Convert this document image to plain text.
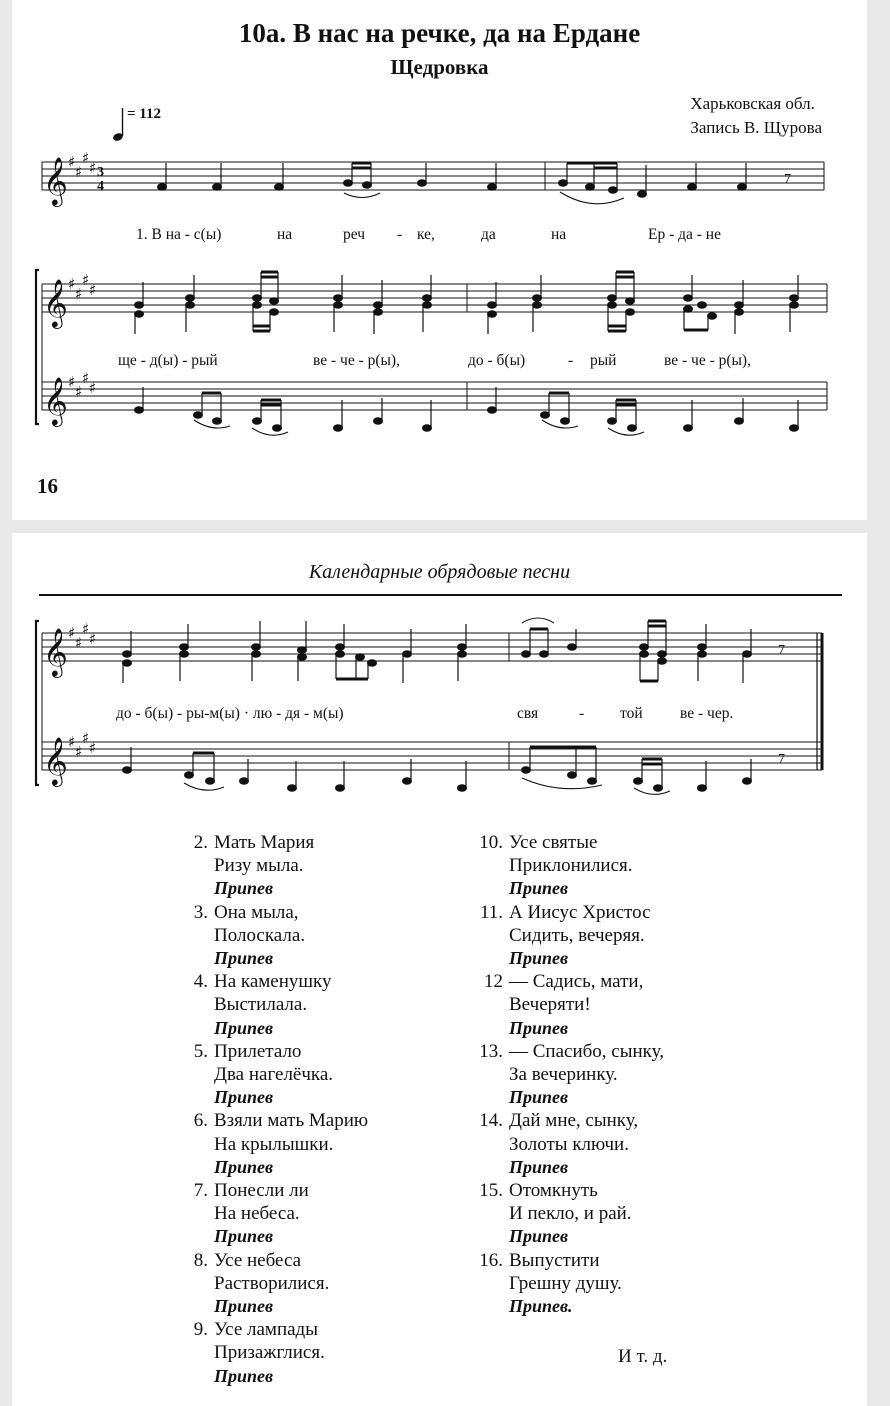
10а. В нас на речке, да на Ердане
Щедровка
Харьковская обл.
Запись В. Щурова
𝄞 ♯
♯
♯
♯ 3
4	7
𝄞
𝄞
♯
♯
♯
♯
♯
♯
♯
♯
1. В на - с(ы)	на	реч - ке,	да	на	Ер - да - не
ще - д(ы) - рый	ве - че - р(ы),	до - б(ы)	- рый	ве - че - р(ы),
= 112
16
Календарные обрядовые песни
𝄞
𝄞
♯
♯
♯
♯
♯
♯
♯
♯
7
7
до - б(ы) - ры-м(ы) · лю - дя - м(ы)	свя	- той ве - чер.
2. Мать Мария
Ризу мыла.
Припев
3. Она мыла,
Полоскала.
Припев
4. На каменушку
Выстилала.
Припев
5. Прилетало
Два нагелёчка.
Припев
6. Взяли мать Марию
На крылышки.
Припев
7. Понесли ли
На небеса.
Припев
8. Усе небеса
Растворилися.
Припев
9. Усе лампады
Призажглися.
Припев
10. Усе святые
Приклонилися.
Припев
11. А Иисус Христос
Сидить, вечеряя.
Припев
12 — Садись, мати,
Вечеряти!
Припев
13. — Спасибо, сынку,
За вечеринку.
Припев
14. Дай мне, сынку,
Золоты ключи.
Припев
15. Отомкнуть
И пекло, и рай.
Припев
16. Выпустити
Грешну душу.
Припев.
И т. д.
